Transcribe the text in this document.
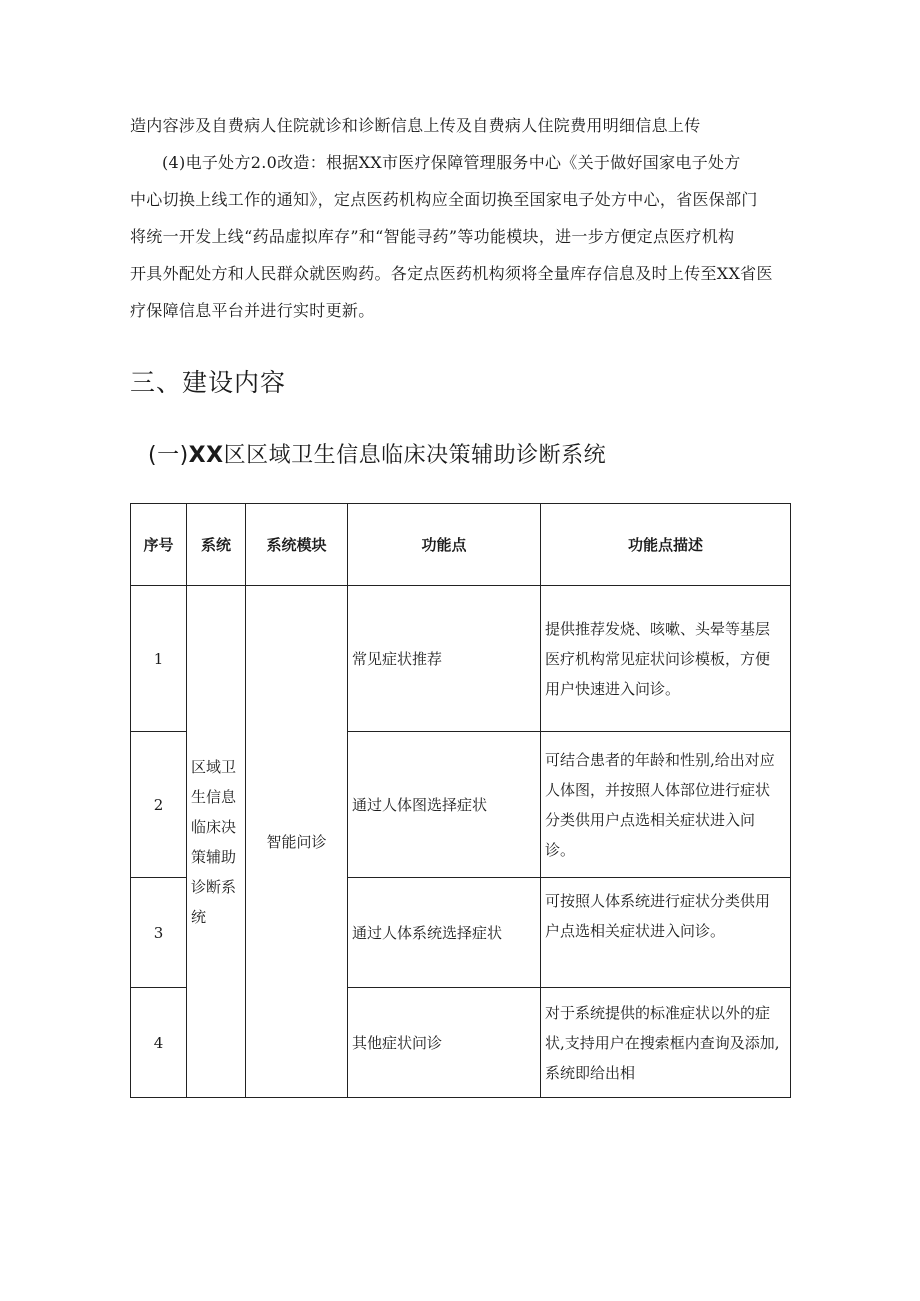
造内容涉及自费病人住院就诊和诊断信息上传及自费病人住院费用明细信息上传
(4)电子处方2.0改造：根据XX市医疗保障管理服务中心《关于做好国家电子处方
中心切换上线工作的通知》，定点医药机构应全面切换至国家电子处方中心，省医保部门
将统一开发上线“药品虚拟库存”和“智能寻药”等功能模块，进一步方便定点医疗机构
开具外配处方和人民群众就医购药。各定点医药机构须将全量库存信息及时上传至XX省医
疗保障信息平台并进行实时更新。
三、建设内容
(一)XX区区域卫生信息临床决策辅助诊断系统
序号	系统	系统模块	功能点	功能点描述
1	区域卫生信息临床决策辅助诊断系统	智能问诊	常见症状推荐	提供推荐发烧、咳嗽、头晕等基层医疗机构常见症状问诊模板，方便用户快速进入问诊。
2			通过人体图选择症状	可结合患者的年龄和性别,给出对应人体图，并按照人体部位进行症状分类供用户点选相关症状进入问诊。
3			通过人体系统选择症状	可按照人体系统进行症状分类供用户点选相关症状进入问诊。
4			其他症状问诊	对于系统提供的标准症状以外的症状,支持用户在搜索框内查询及添加,系统即给出相
